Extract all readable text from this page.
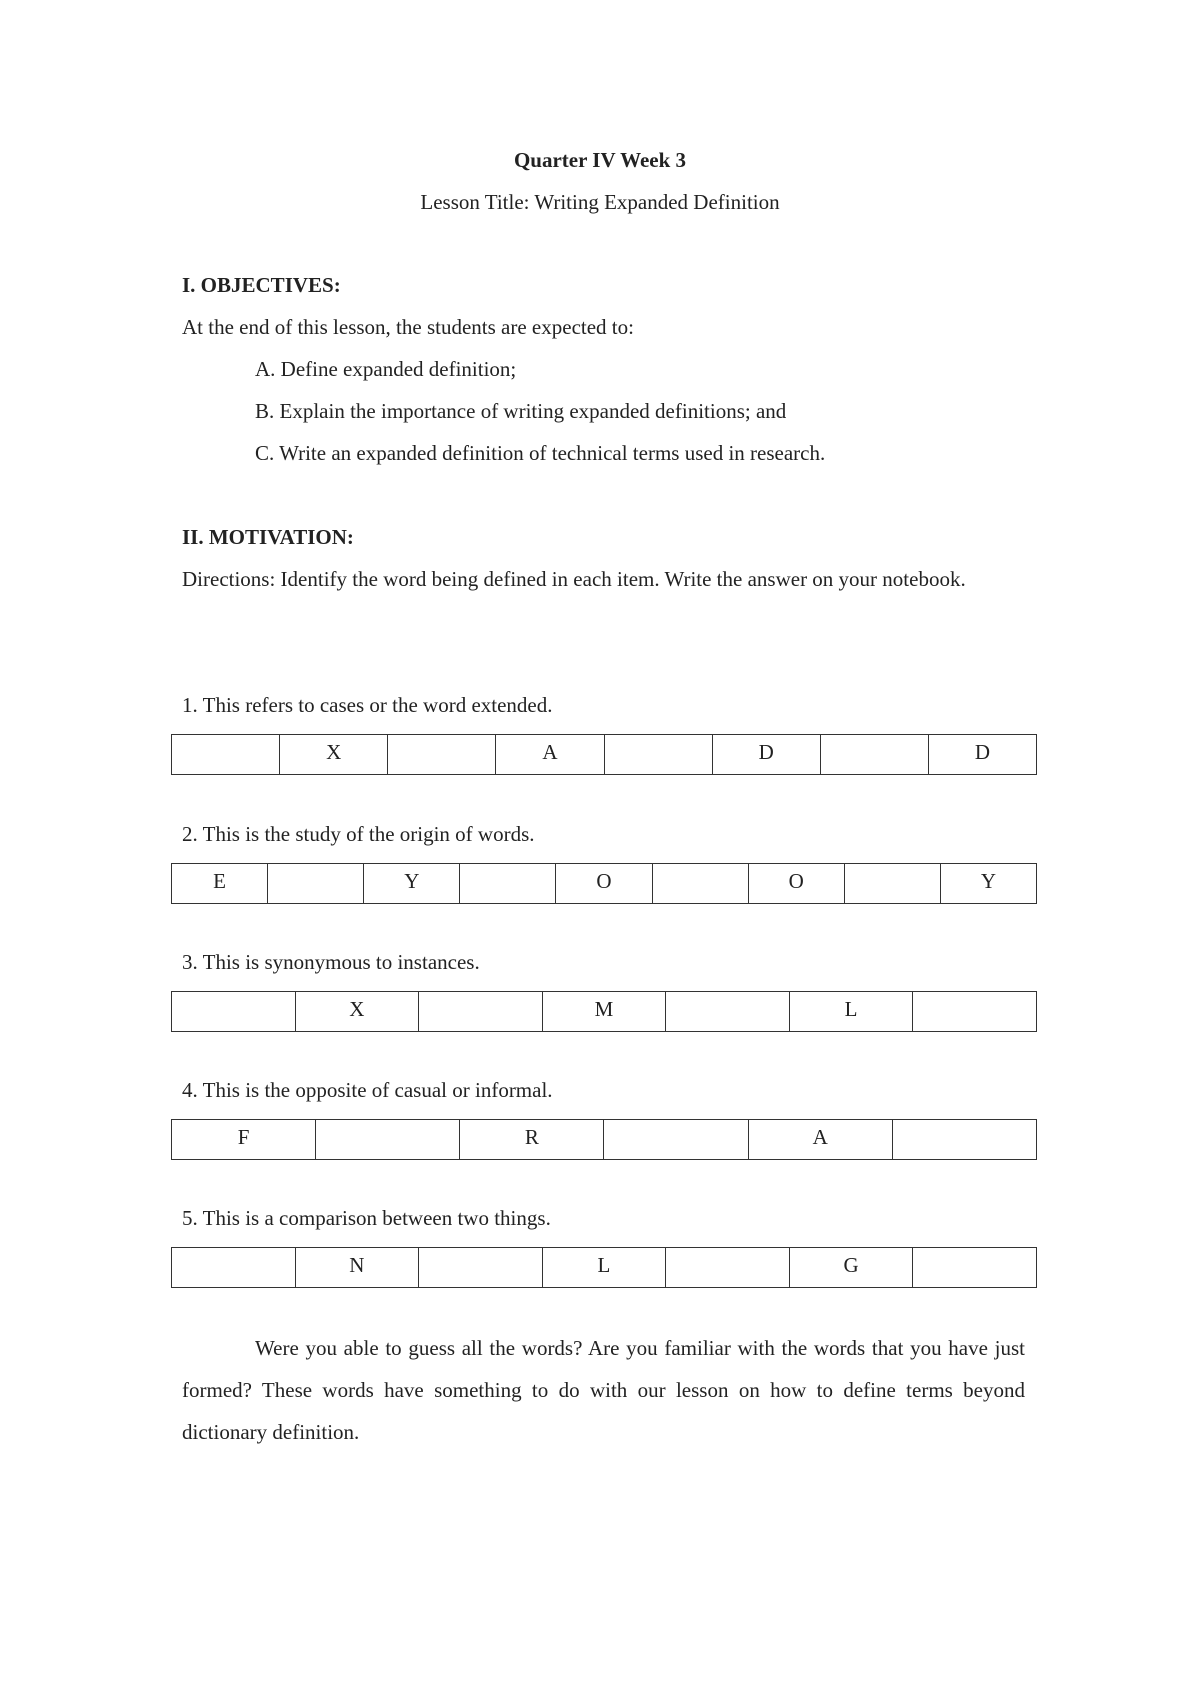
Quarter IV Week 3
Lesson Title: Writing Expanded Definition
I. OBJECTIVES:
At the end of this lesson, the students are expected to:
A. Define expanded definition;
B. Explain the importance of writing expanded definitions; and
C. Write an expanded definition of technical terms used in research.
II. MOTIVATION:
Directions: Identify the word being defined in each item. Write the answer on your notebook.
1. This refers to cases or the word extended.
	X		A		D		D
2. This is the study of the origin of words.
E		Y		O		O		Y
3. This is synonymous to instances.
	X		M		L	
4. This is the opposite of casual or informal.
F		R		A	
5. This is a comparison between two things.
	N		L		G	
Were you able to guess all the words? Are you familiar with the words that you have just formed? These words have something to do with our lesson on how to define terms beyond dictionary definition.
